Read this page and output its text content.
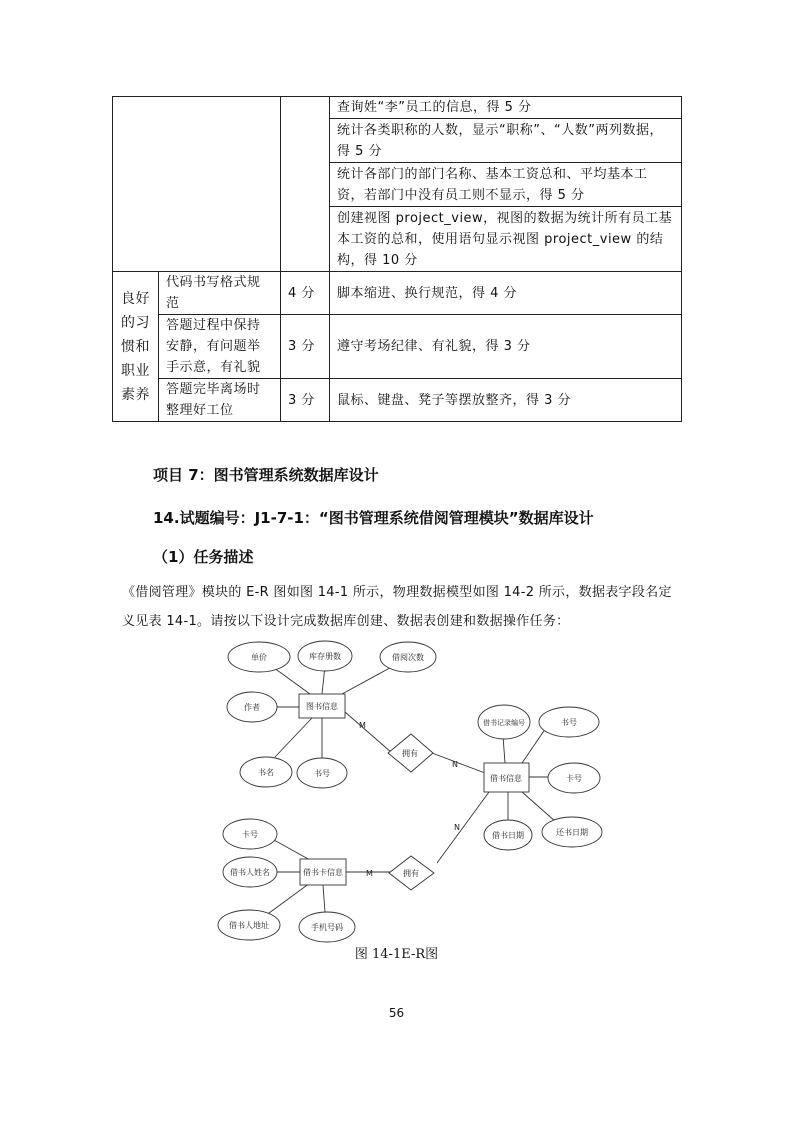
			查询姓“李”员工的信息，得 5 分
			统计各类职称的人数，显示“职称”、“人数”两列数据，得 5 分
			统计各部门的部门名称、基本工资总和、平均基本工资，若部门中没有员工则不显示，得 5 分
			创建视图 project_view，视图的数据为统计所有员工基本工资的总和，使用语句显示视图 project_view 的结构，得 10 分
良好的习惯和职业素养	代码书写格式规范	4 分	脚本缩进、换行规范，得 4 分
	答题过程中保持安静，有问题举手示意，有礼貌	3 分	遵守考场纪律、有礼貌，得 3 分
	答题完毕离场时整理好工位	3 分	鼠标、键盘、凳子等摆放整齐，得 3 分

项目 7：图书管理系统数据库设计

14.试题编号：J1-7-1：“图书管理系统借阅管理模块”数据库设计

（1）任务描述

《借阅管理》模块的 E-R 图如图 14-1 所示，物理数据模型如图 14-2 所示，数据表字段名定义见表 14-1。请按以下设计完成数据库创建、数据表创建和数据操作任务：

单价	库存册数	借阅次数
作者
书名	书号
图书信息
拥有
借书信息
借书记录编号	书号
卡号
借书日期	还书日期
拥有
借书卡信息
卡号
借书人姓名
借书人地址	手机号码
M
N
N
M
图 14-1E-R图
56
